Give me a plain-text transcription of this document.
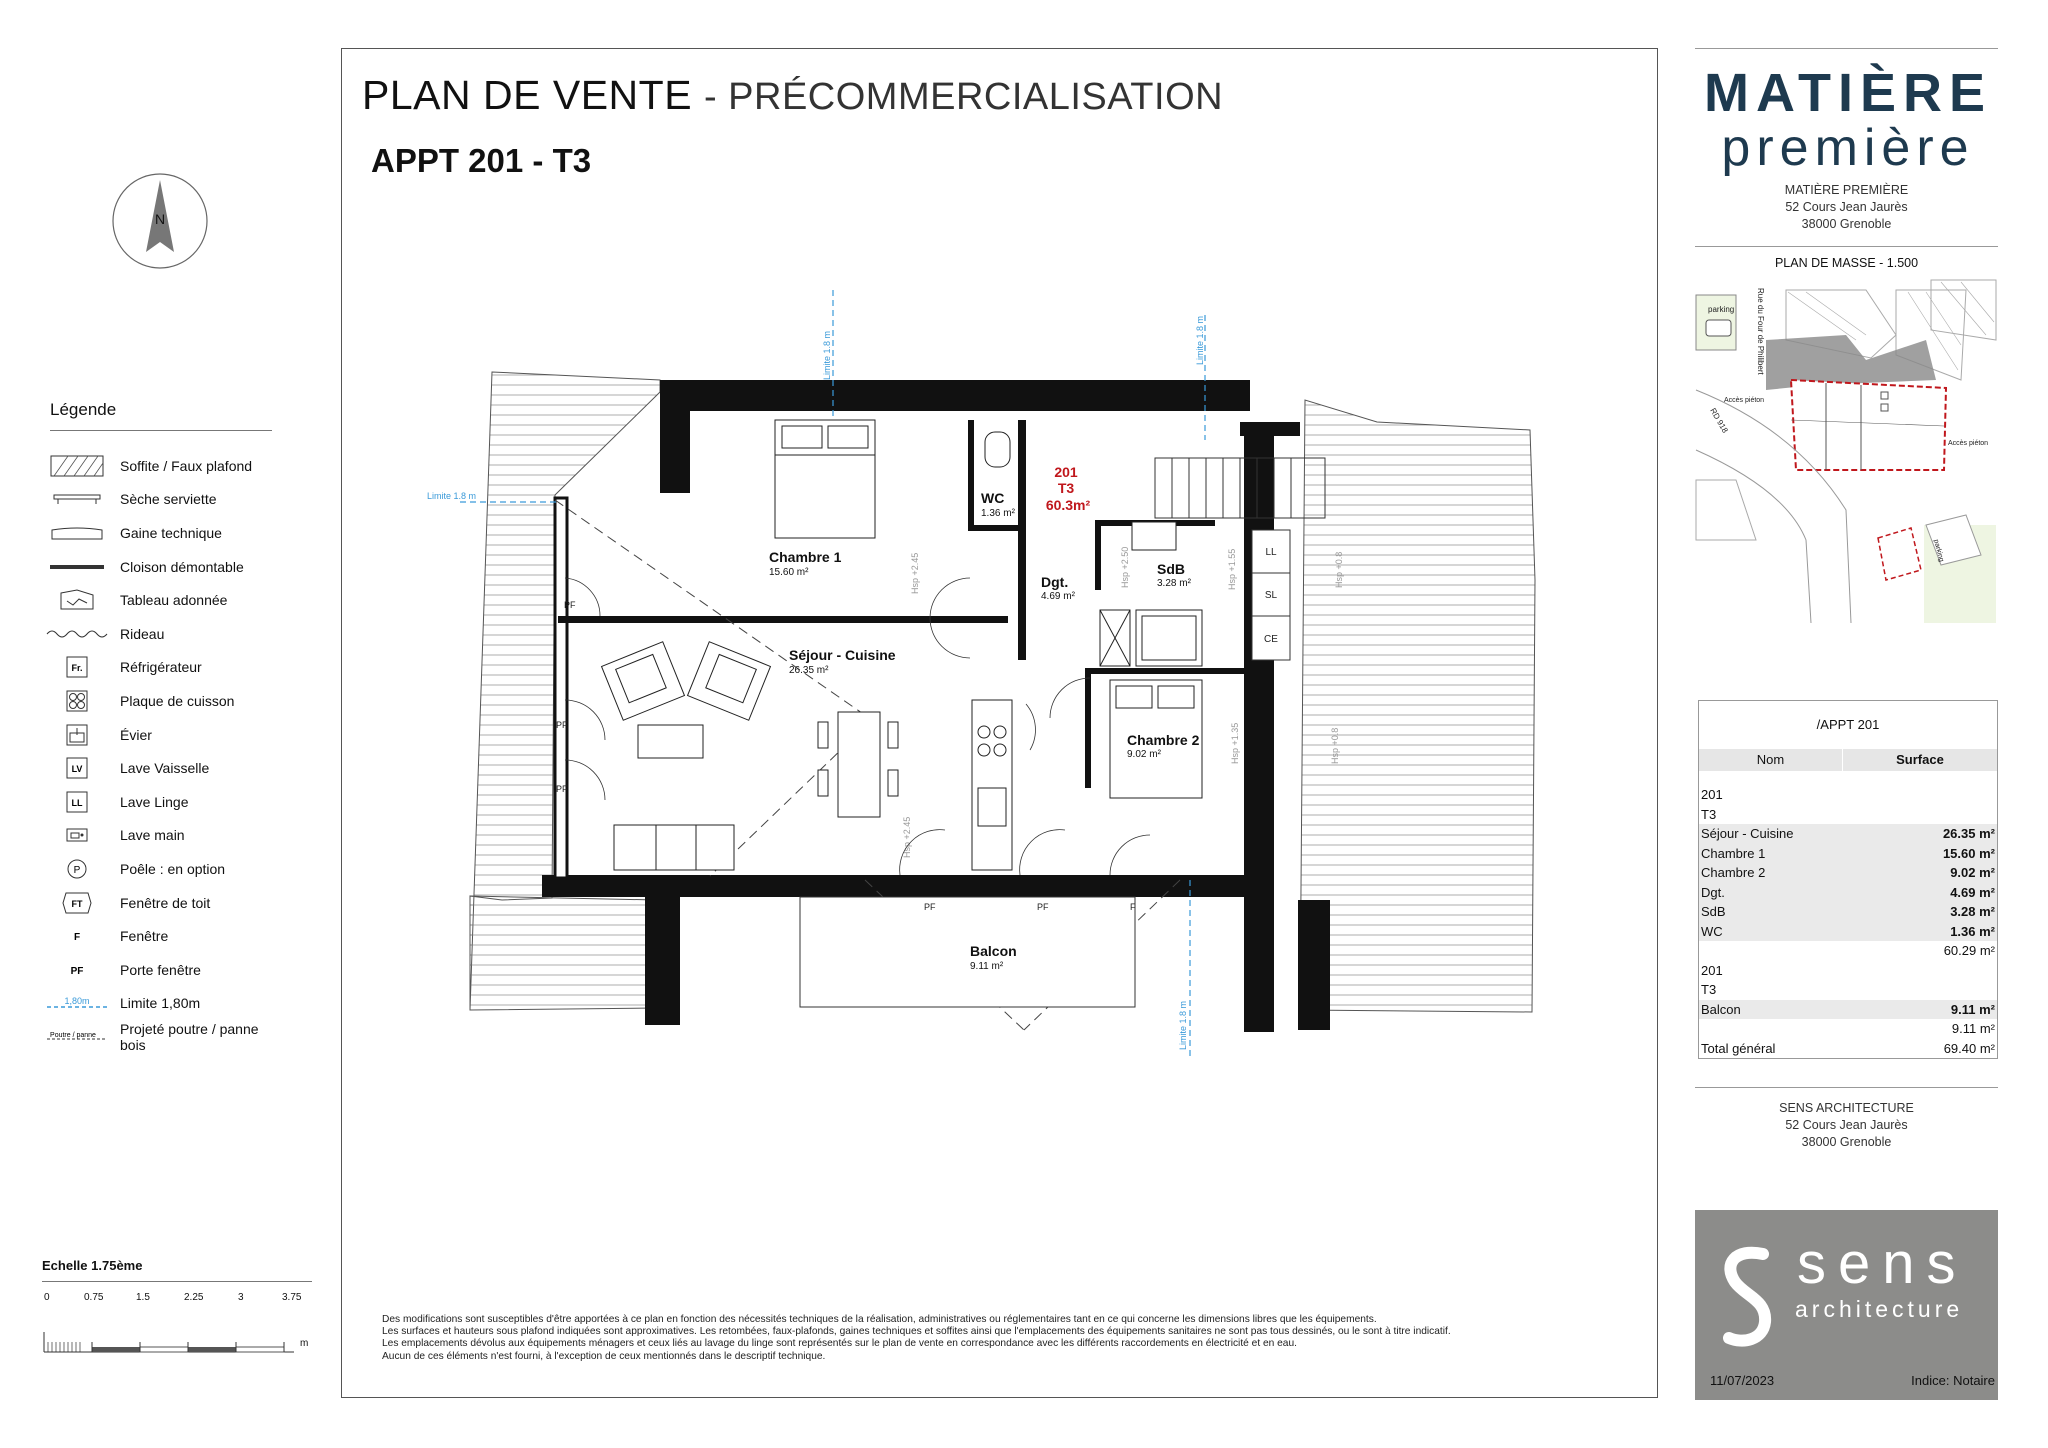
N
Légende
Soffite / Faux plafond
Sèche serviette
Gaine technique
Cloison démontable
Tableau adonnée
Rideau
Fr.	Réfrigérateur
Plaque de cuisson
Évier
LV	Lave Vaisselle
LL	Lave Linge
Lave main
P	Poêle : en option
FT	Fenêtre de toit
F	Fenêtre
PF	Porte fenêtre
1,80m Limite 1,80m
Poutre / panne Projeté poutre / panne bois
Echelle 1.75ème
0	0.75	1.5	2.25	3	3.75
m
PLAN DE VENTE - PRÉCOMMERCIALISATION
APPT 201 - T3
Limite 1.8 m	Limite 1.8 m
Limite 1.8 m
Limite 1.8 m
Hsp +2.45	Hsp +2.50	Hsp +1.55	Hsp +0.8
Hsp +1.35	Hsp +0.8
Hsp +2.45
LL
SL
CE
PF
PF
PF
PF	PF	F
Chambre 1
15.60 m²
Séjour - Cuisine
26.35 m²
WC
1.36 m²
Dgt.
4.69 m²
SdB
3.28 m²
Chambre 2
9.02 m²
Balcon
9.11 m²
201
T3
60.3m²

Des modifications sont susceptibles d'être apportées à ce plan en fonction des nécessités techniques de la réalisation, administratives ou réglementaires tant en ce qui concerne les dimensions libres que les équipements.

Les surfaces et hauteurs sous plafond indiquées sont approximatives. Les retombées, faux-plafonds, gaines techniques et soffites ainsi que l'emplacements des équipements sanitaires ne sont pas tous dessinés, ou le sont à titre indicatif.

Les emplacements dévolus aux équipements ménagers et ceux liés au lavage du linge sont représentés sur le plan de vente en correspondance avec les différents raccordements en électricité et en eau.

Aucun de ces éléments n'est fourni, à l'exception de ceux mentionnés dans le descriptif technique.

MATIÈRE
première
MATIÈRE PREMIÈRE
52 Cours Jean Jaurès
38000 Grenoble
PLAN DE MASSE - 1.500
parking	Rue du Four de Philibert
RD 918
Accès piéton
Accès piéton
parking
/APPT 201
Nom	Surface
201
T3
Séjour - Cuisine	26.35 m²
Chambre 1	15.60 m²
Chambre 2	9.02 m²
Dgt.	4.69 m²
SdB	3.28 m²
WC	1.36 m²
60.29 m²
201
T3
Balcon	9.11 m²
9.11 m²
Total général	69.40 m²
SENS ARCHITECTURE
52 Cours Jean Jaurès
38000 Grenoble
sens
architecture
11/07/2023	Indice: Notaire
